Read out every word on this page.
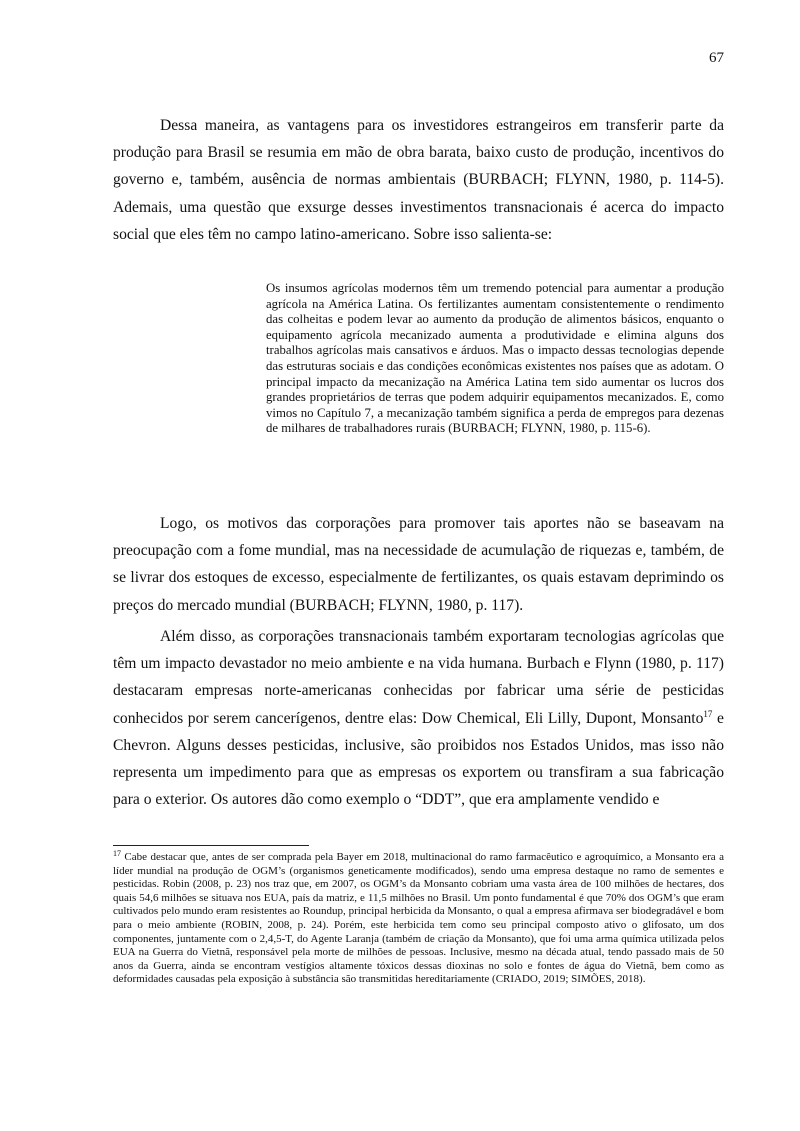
67

Dessa maneira, as vantagens para os investidores estrangeiros em transferir parte da produção para Brasil se resumia em mão de obra barata, baixo custo de produção, incentivos do governo e, também, ausência de normas ambientais (BURBACH; FLYNN, 1980, p. 114-5). Ademais, uma questão que exsurge desses investimentos transnacionais é acerca do impacto social que eles têm no campo latino-americano. Sobre isso salienta-se:

Os insumos agrícolas modernos têm um tremendo potencial para aumentar a produção agrícola na América Latina. Os fertilizantes aumentam consistentemente o rendimento das colheitas e podem levar ao aumento da produção de alimentos básicos, enquanto o equipamento agrícola mecanizado aumenta a produtividade e elimina alguns dos trabalhos agrícolas mais cansativos e árduos. Mas o impacto dessas tecnologias depende das estruturas sociais e das condições econômicas existentes nos países que as adotam. O principal impacto da mecanização na América Latina tem sido aumentar os lucros dos grandes proprietários de terras que podem adquirir equipamentos mecanizados. E, como vimos no Capítulo 7, a mecanização também significa a perda de empregos para dezenas de milhares de trabalhadores rurais (BURBACH; FLYNN, 1980, p. 115-6).

Logo, os motivos das corporações para promover tais aportes não se baseavam na preocupação com a fome mundial, mas na necessidade de acumulação de riquezas e, também, de se livrar dos estoques de excesso, especialmente de fertilizantes, os quais estavam deprimindo os preços do mercado mundial (BURBACH; FLYNN, 1980, p. 117).

Além disso, as corporações transnacionais também exportaram tecnologias agrícolas que têm um impacto devastador no meio ambiente e na vida humana. Burbach e Flynn (1980, p. 117) destacaram empresas norte-americanas conhecidas por fabricar uma série de pesticidas conhecidos por serem cancerígenos, dentre elas: Dow Chemical, Eli Lilly, Dupont, Monsanto$^{17}$ e Chevron. Alguns desses pesticidas, inclusive, são proibidos nos Estados Unidos, mas isso não representa um impedimento para que as empresas os exportem ou transfiram a sua fabricação para o exterior. Os autores dão como exemplo o “DDT”, que era amplamente vendido e

$^{17}$ Cabe destacar que, antes de ser comprada pela Bayer em 2018, multinacional do ramo farmacêutico e agroquímico, a Monsanto era a líder mundial na produção de OGM’s (organismos geneticamente modificados), sendo uma empresa destaque no ramo de sementes e pesticidas. Robin (2008, p. 23) nos traz que, em 2007, os OGM’s da Monsanto cobriam uma vasta área de 100 milhões de hectares, dos quais 54,6 milhões se situava nos EUA, país da matriz, e 11,5 milhões no Brasil. Um ponto fundamental é que 70% dos OGM’s que eram cultivados pelo mundo eram resistentes ao Roundup, principal herbicida da Monsanto, o qual a empresa afirmava ser biodegradável e bom para o meio ambiente (ROBIN, 2008, p. 24). Porém, este herbicida tem como seu principal composto ativo o glifosato, um dos componentes, juntamente com o 2,4,5-T, do Agente Laranja (também de criação da Monsanto), que foi uma arma química utilizada pelos EUA na Guerra do Vietnã, responsável pela morte de milhões de pessoas. Inclusive, mesmo na década atual, tendo passado mais de 50 anos da Guerra, ainda se encontram vestígios altamente tóxicos dessas dioxinas no solo e fontes de água do Vietnã, bem como as deformidades causadas pela exposição à substância são transmitidas hereditariamente (CRIADO, 2019; SIMÕES, 2018).
